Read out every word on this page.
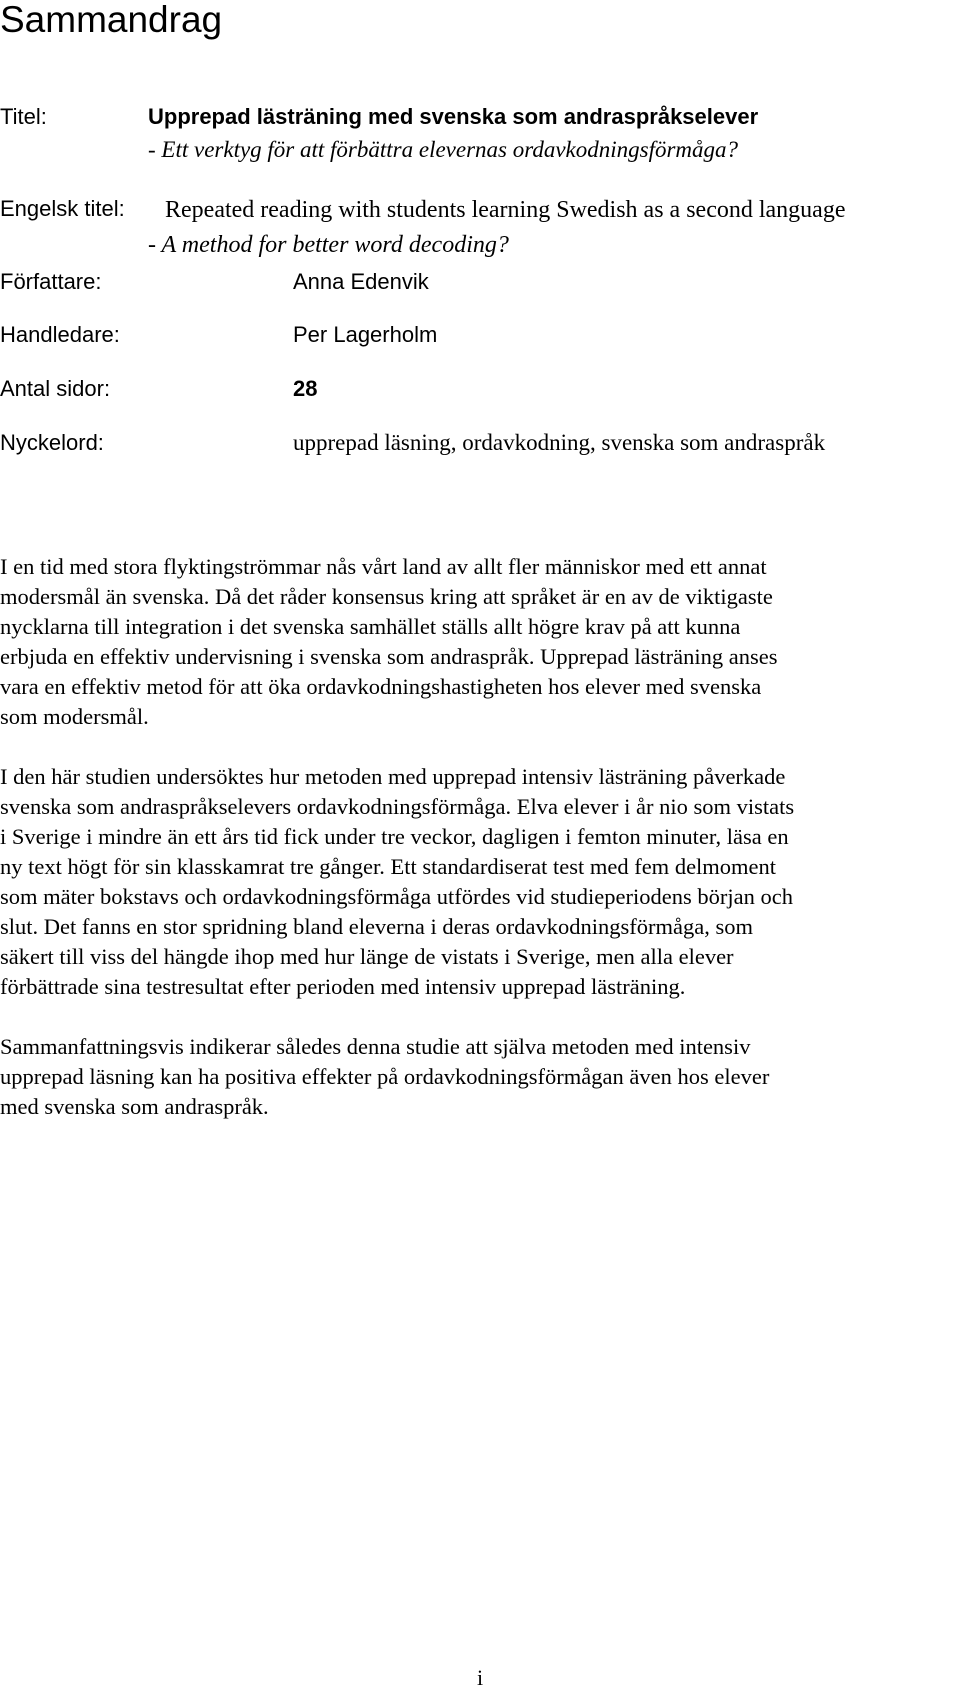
Sammandrag
Titel:	Upprepad lästräning med svenska som andraspråkselever
- Ett verktyg för att förbättra elevernas ordavkodningsförmåga?
Engelsk titel: Repeated reading with students learning Swedish as a second language
- A method for better word decoding?
Författare:	Anna Edenvik
Handledare:	Per Lagerholm
Antal sidor:	28
Nyckelord:	upprepad läsning, ordavkodning, svenska som andraspråk

I en tid med stora flyktingströmmar nås vårt land av allt fler människor med ett annat
modersmål än svenska. Då det råder konsensus kring att språket är en av de viktigaste
nycklarna till integration i det svenska samhället ställs allt högre krav på att kunna
erbjuda en effektiv undervisning i svenska som andraspråk. Upprepad lästräning anses
vara en effektiv metod för att öka ordavkodningshastigheten hos elever med svenska
som modersmål.

I den här studien undersöktes hur metoden med upprepad intensiv lästräning påverkade
svenska som andraspråkselevers ordavkodningsförmåga. Elva elever i år nio som vistats
i Sverige i mindre än ett års tid fick under tre veckor, dagligen i femton minuter, läsa en
ny text högt för sin klasskamrat tre gånger. Ett standardiserat test med fem delmoment
som mäter bokstavs och ordavkodningsförmåga utfördes vid studieperiodens början och
slut. Det fanns en stor spridning bland eleverna i deras ordavkodningsförmåga, som
säkert till viss del hängde ihop med hur länge de vistats i Sverige, men alla elever
förbättrade sina testresultat efter perioden med intensiv upprepad lästräning.

Sammanfattningsvis indikerar således denna studie att själva metoden med intensiv
upprepad läsning kan ha positiva effekter på ordavkodningsförmågan även hos elever
med svenska som andraspråk.

i
